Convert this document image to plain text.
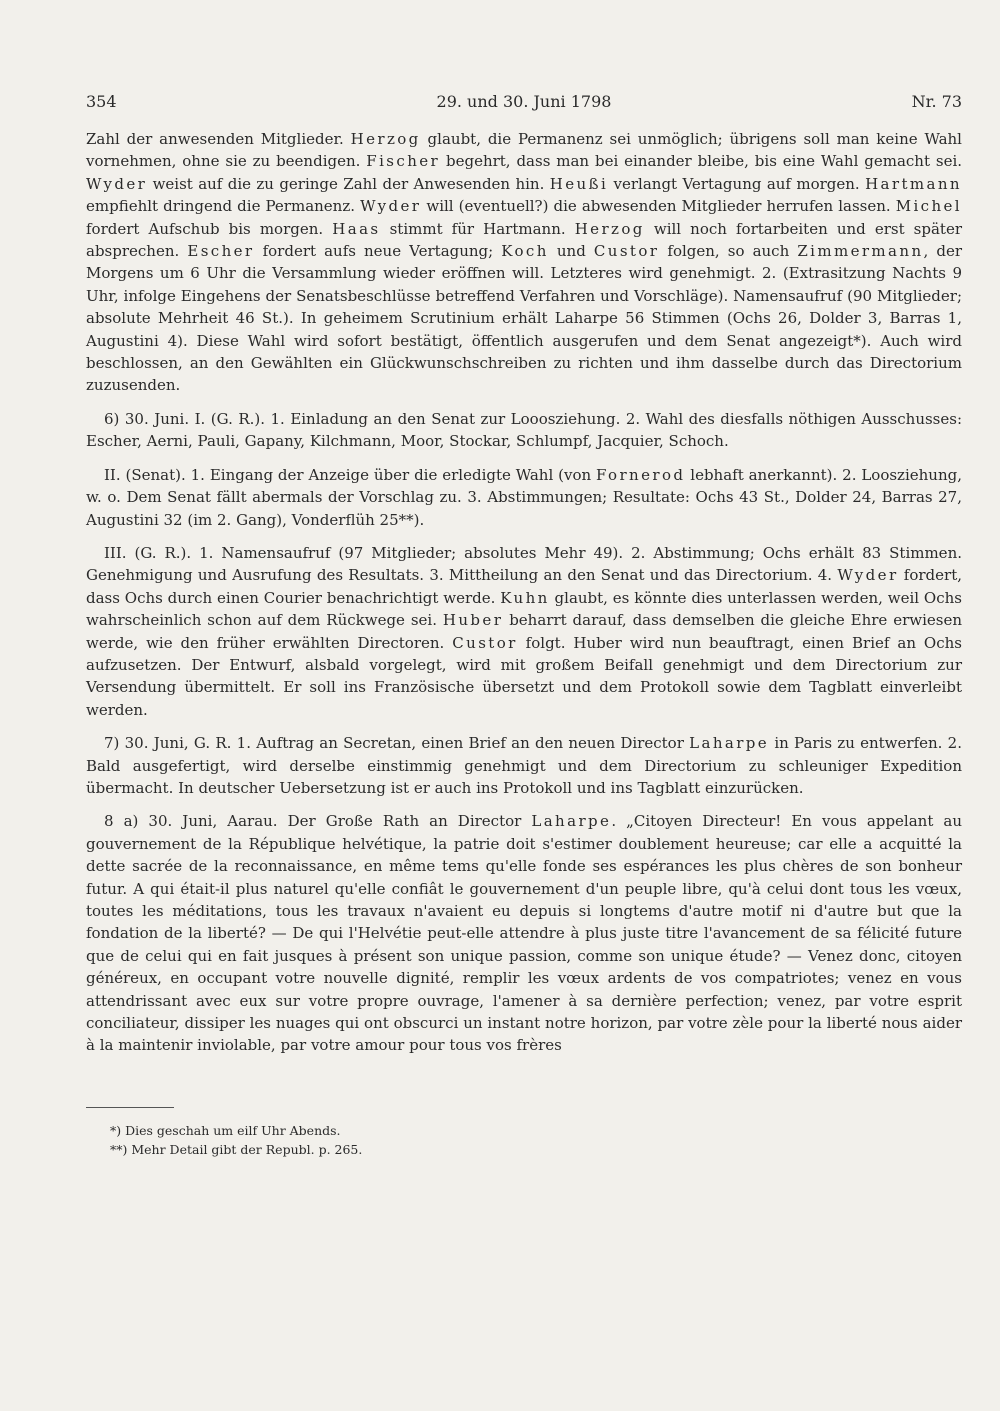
354	29. und 30. Juni 1798	Nr. 73

Zahl der anwesenden Mitglieder. Herzog glaubt, die Permanenz sei unmöglich; übrigens soll man keine Wahl vornehmen, ohne sie zu beendigen. Fischer begehrt, dass man bei einander bleibe, bis eine Wahl gemacht sei. Wyder weist auf die zu geringe Zahl der Anwesenden hin. Heußi verlangt Vertagung auf morgen. Hartmann empfiehlt dringend die Permanenz. Wyder will (eventuell?) die abwesenden Mitglieder herrufen lassen. Michel fordert Aufschub bis morgen. Haas stimmt für Hartmann. Herzog will noch fortarbeiten und erst später absprechen. Escher fordert aufs neue Vertagung; Koch und Custor folgen, so auch Zimmermann, der Morgens um 6 Uhr die Versammlung wieder eröffnen will. Letzteres wird genehmigt. 2. (Extrasitzung Nachts 9 Uhr, infolge Eingehens der Senatsbeschlüsse betreffend Verfahren und Vorschläge). Namensaufruf (90 Mitglieder; absolute Mehrheit 46 St.). In geheimem Scrutinium erhält Laharpe 56 Stimmen (Ochs 26, Dolder 3, Barras 1, Augustini 4). Diese Wahl wird sofort bestätigt, öffentlich ausgerufen und dem Senat angezeigt*). Auch wird beschlossen, an den Gewählten ein Glückwunschschreiben zu richten und ihm dasselbe durch das Directorium zuzusenden.

6) 30. Juni. I. (G. R.). 1. Einladung an den Senat zur Looosziehung. 2. Wahl des diesfalls nöthigen Ausschusses: Escher, Aerni, Pauli, Gapany, Kilchmann, Moor, Stockar, Schlumpf, Jacquier, Schoch.

II. (Senat). 1. Eingang der Anzeige über die erledigte Wahl (von Fornerod lebhaft anerkannt). 2. Loosziehung, w. o. Dem Senat fällt abermals der Vorschlag zu. 3. Abstimmungen; Resultate: Ochs 43 St., Dolder 24, Barras 27, Augustini 32 (im 2. Gang), Vonderflüh 25**).

III. (G. R.). 1. Namensaufruf (97 Mitglieder; absolutes Mehr 49). 2. Abstimmung; Ochs erhält 83 Stimmen. Genehmigung und Ausrufung des Resultats. 3. Mittheilung an den Senat und das Directorium. 4. Wyder fordert, dass Ochs durch einen Courier benachrichtigt werde. Kuhn glaubt, es könnte dies unterlassen werden, weil Ochs wahrscheinlich schon auf dem Rückwege sei. Huber beharrt darauf, dass demselben die gleiche Ehre erwiesen werde, wie den früher erwählten Directoren. Custor folgt. Huber wird nun beauftragt, einen Brief an Ochs aufzusetzen. Der Entwurf, alsbald vorgelegt, wird mit großem Beifall genehmigt und dem Directorium zur Versendung übermittelt. Er soll ins Französische übersetzt und dem Protokoll sowie dem Tagblatt einverleibt werden.

7) 30. Juni, G. R. 1. Auftrag an Secretan, einen Brief an den neuen Director Laharpe in Paris zu entwerfen. 2. Bald ausgefertigt, wird derselbe einstimmig genehmigt und dem Directorium zu schleuniger Expedition übermacht. In deutscher Uebersetzung ist er auch ins Protokoll und ins Tagblatt einzurücken.

8 a) 30. Juni, Aarau. Der Große Rath an Director Laharpe. „Citoyen Directeur! En vous appelant au gouvernement de la République helvétique, la patrie doit s'estimer doublement heureuse; car elle a acquitté la dette sacrée de la reconnaissance, en même tems qu'elle fonde ses espérances les plus chères de son bonheur futur. A qui était-il plus naturel qu'elle confiât le gouvernement d'un peuple libre, qu'à celui dont tous les vœux, toutes les méditations, tous les travaux n'avaient eu depuis si longtems d'autre motif ni d'autre but que la fondation de la liberté? — De qui l'Helvétie peut-elle attendre à plus juste titre l'avancement de sa félicité future que de celui qui en fait jusques à présent son unique passion, comme son unique étude? — Venez donc, citoyen généreux, en occupant votre nouvelle dignité, remplir les vœux ardents de vos compatriotes; venez en vous attendrissant avec eux sur votre propre ouvrage, l'amener à sa dernière perfection; venez, par votre esprit conciliateur, dissiper les nuages qui ont obscurci un instant notre horizon, par votre zèle pour la liberté nous aider à la maintenir inviolable, par votre amour pour tous vos frères

*) Dies geschah um eilf Uhr Abends.
**) Mehr Detail gibt der Republ. p. 265.
